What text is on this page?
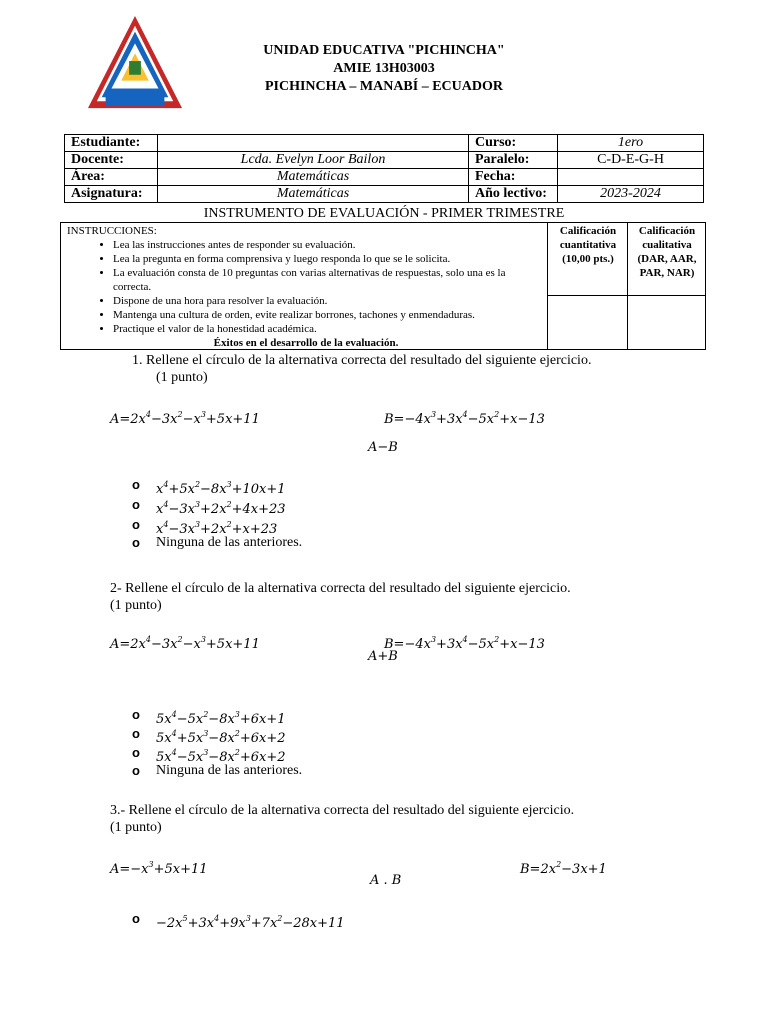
UNIDAD EDUCATIVA "PICHINCHA"
AMIE 13H03003
PICHINCHA – MANABÍ – ECUADOR
Estudiante:		Curso:	1ero
Docente:	Lcda. Evelyn Loor Bailon	Paralelo:	C-D-E-G-H
Área:	Matemáticas	Fecha:	
Asignatura:	Matemáticas	Año lectivo:	2023-2024
INSTRUMENTO DE EVALUACIÓN - PRIMER TRIMESTRE
INSTRUCCIONES:
• Lea las instrucciones antes de responder su evaluación.
• Lea la pregunta en forma comprensiva y luego responda lo que se le solicita.
• La evaluación consta de 10 preguntas con varias alternativas de respuestas, solo una es la correcta.
• Dispone de una hora para resolver la evaluación.
• Mantenga una cultura de orden, evite realizar borrones, tachones y enmendaduras.
• Practique el valor de la honestidad académica.
Éxitos en el desarrollo de la evaluación.
Calificación cuantitativa (10,00 pts.)
Calificación cualitativa (DAR, AAR, PAR, NAR)
1. Rellene el círculo de la alternativa correcta del resultado del siguiente ejercicio.
(1 punto)
$A=2x^4-3x^2-x^3+5x+11$	$B=-4x^3+3x^4-5x^2+x-13$
A−B
o $x^4+5x^2-8x^3+10x+1$
o $x^4-3x^3+2x^2+4x+23$
o $x^4-3x^3+2x^2+x+23$
o Ninguna de las anteriores.
2- Rellene el círculo de la alternativa correcta del resultado del siguiente ejercicio.
(1 punto)
$A=2x^4-3x^2-x^3+5x+11$	$B=-4x^3+3x^4-5x^2+x-13$
A+B
o $5x^4-5x^2-8x^3+6x+1$
o $5x^4+5x^3-8x^2+6x+2$
o $5x^4-5x^3-8x^2+6x+2$
o Ninguna de las anteriores.
3.- Rellene el círculo de la alternativa correcta del resultado del siguiente ejercicio.
(1 punto)
$A=-x^3+5x+11$	$B=2x^2-3x+1$
A . B
$o -2x^5+3x^4+9x^3+7x^2-28x+11$
